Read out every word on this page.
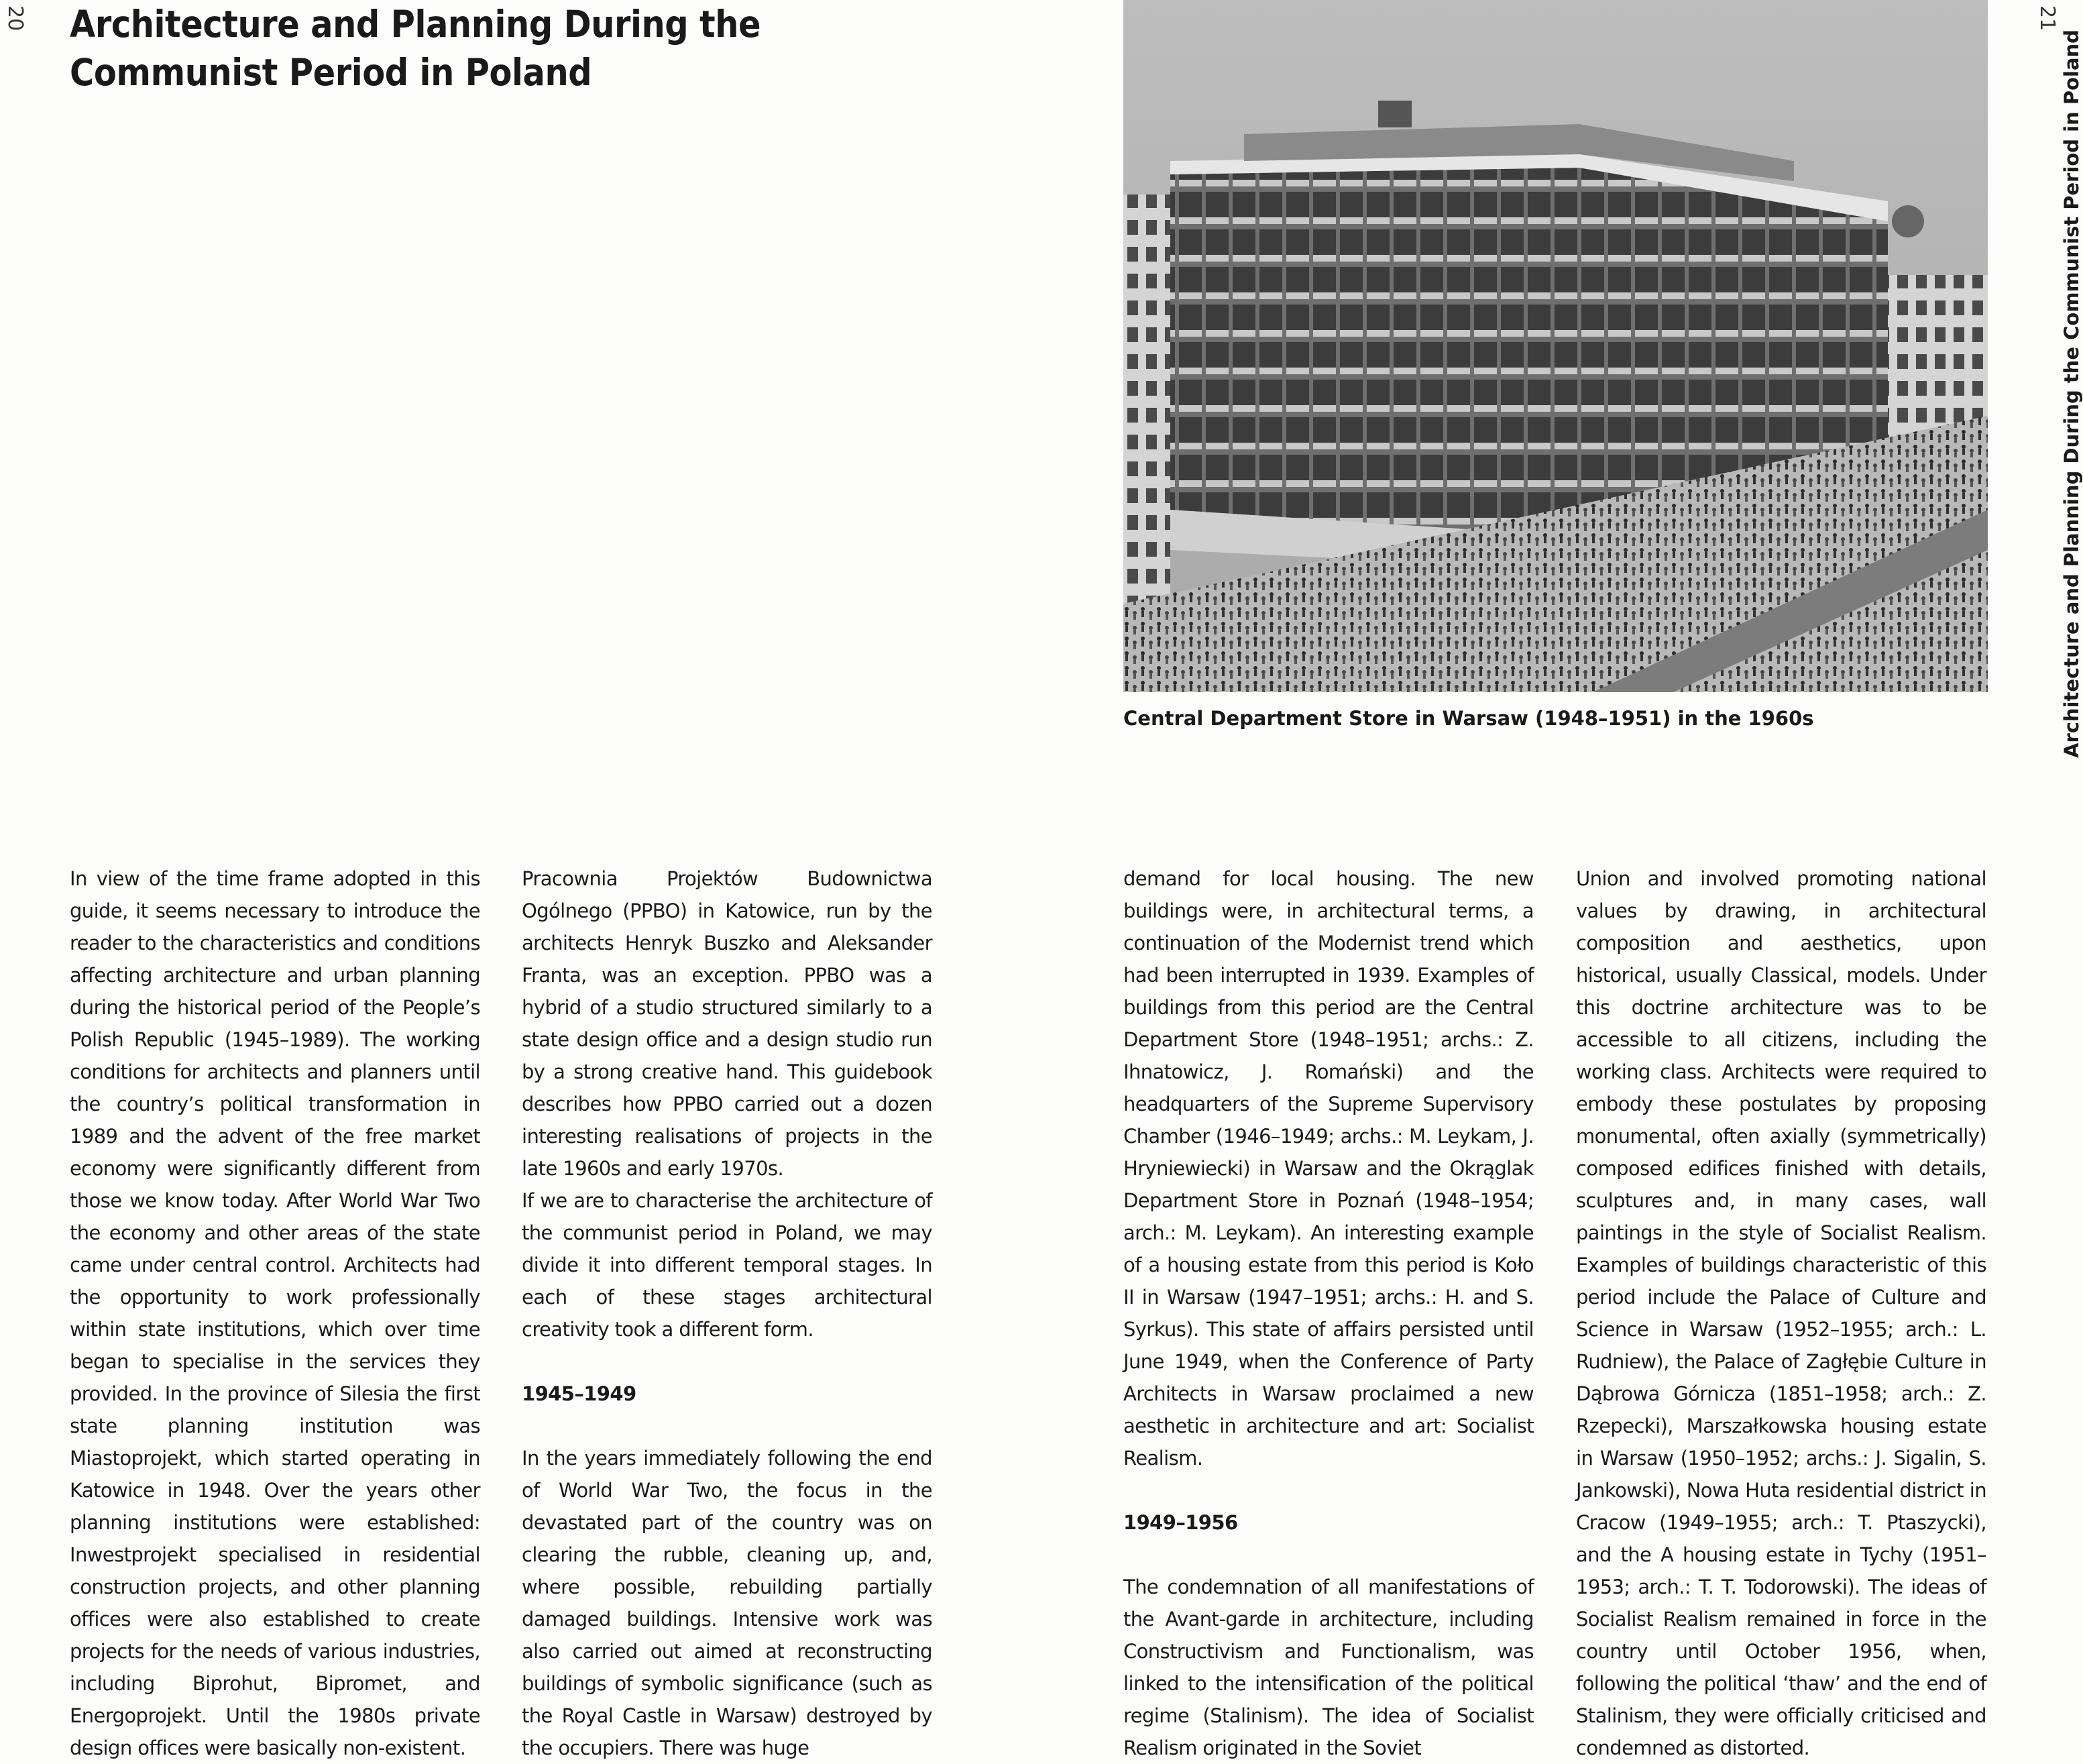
20	21
Architecture and Planning During the Communist Period in Poland	Architecture and Planning During the Communist Period in Poland

Central Department Store in Warsaw (1948–1951) in the 1960s

In view of the time frame adopted in this guide, it seems necessary to introduce the reader to the characteristics and conditions affecting architecture and urban planning during the historical period of the People’s Polish Republic (1945–1989). The working conditions for architects and planners until the country’s political transformation in 1989 and the advent of the free market economy were significantly different from those we know today. After World War Two the economy and other areas of the state came under central control. Architects had the opportunity to work professionally within state institutions, which over time began to specialise in the services they provided. In the province of Silesia the first state planning institution was Miastoprojekt, which started operating in Katowice in 1948. Over the years other planning institutions were established: Inwestprojekt specialised in residential construction projects, and other planning offices were also established to create projects for the needs of various industries, including Biprohut, Bipromet, and Energoprojekt. Until the 1980s private design offices were basically non-existent.

Pracownia Projektów Budownictwa Ogólnego (PPBO) in Katowice, run by the architects Henryk Buszko and Aleksander Franta, was an exception. PPBO was a hybrid of a studio structured similarly to a state design office and a design studio run by a strong creative hand. This guidebook describes how PPBO carried out a dozen interesting realisations of projects in the late 1960s and early 1970s.

If we are to characterise the architecture of the communist period in Poland, we may divide it into different temporal stages. In each of these stages architectural creativity took a different form.

1945–1949

In the years immediately following the end of World War Two, the focus in the devastated part of the country was on clearing the rubble, cleaning up, and, where possible, rebuilding partially damaged buildings. Intensive work was also carried out aimed at reconstructing buildings of symbolic significance (such as the Royal Castle in Warsaw) destroyed by the occupiers. There was huge

demand for local housing. The new buildings were, in architectural terms, a continuation of the Modernist trend which had been interrupted in 1939. Examples of buildings from this period are the Central Department Store (1948–1951; archs.: Z. Ihnatowicz, J. Romański) and the headquarters of the Supreme Supervisory Chamber (1946–1949; archs.: M. Leykam, J. Hryniewiecki) in Warsaw and the Okrąglak Department Store in Poznań (1948–1954; arch.: M. Leykam). An interesting example of a housing estate from this period is Koło II in Warsaw (1947–1951; archs.: H. and S. Syrkus). This state of affairs persisted until June 1949, when the Conference of Party Architects in Warsaw proclaimed a new aesthetic in architecture and art: Socialist Realism.

1949–1956

The condemnation of all manifestations of the Avant-garde in architecture, including Constructivism and Functionalism, was linked to the intensification of the political regime (Stalinism). The idea of Socialist Realism originated in the Soviet

Union and involved promoting national values by drawing, in architectural composition and aesthetics, upon historical, usually Classical, models. Under this doctrine architecture was to be accessible to all citizens, including the working class. Architects were required to embody these postulates by proposing monumental, often axially (symmetrically) composed edifices finished with details, sculptures and, in many cases, wall paintings in the style of Socialist Realism. Examples of buildings characteristic of this period include the Palace of Culture and Science in Warsaw (1952–1955; arch.: L. Rudniew), the Palace of Zagłębie Culture in Dąbrowa Górnicza (1851–1958; arch.: Z. Rzepecki), Marszałkowska housing estate in Warsaw (1950–1952; archs.: J. Sigalin, S. Jankowski), Nowa Huta residential district in Cracow (1949–1955; arch.: T. Ptaszycki), and the A housing estate in Tychy (1951–1953; arch.: T. T. Todorowski). The ideas of Socialist Realism remained in force in the country until October 1956, when, following the political ‘thaw’ and the end of Stalinism, they were officially criticised and condemned as distorted.
